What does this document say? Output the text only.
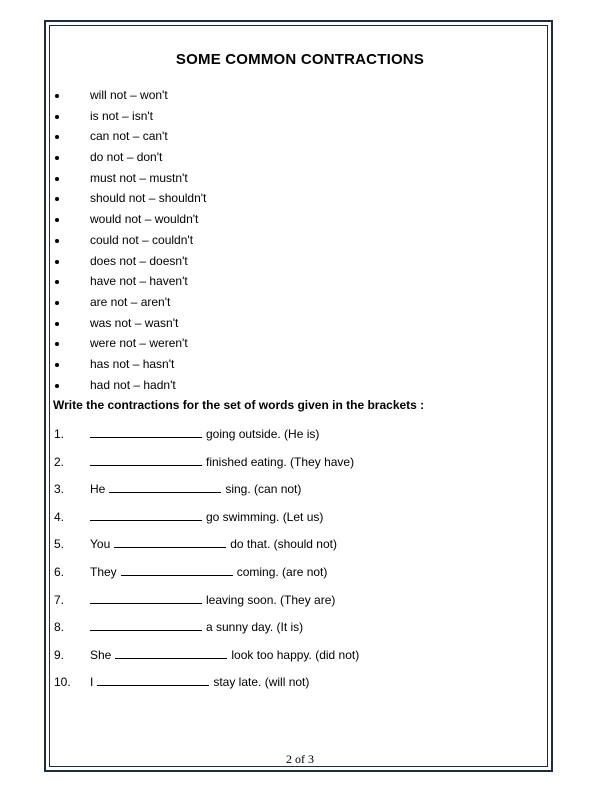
SOME COMMON CONTRACTIONS
will not – won't
is not – isn't
can not – can't
do not – don't
must not – mustn't
should not – shouldn't
would not – wouldn't
could not – couldn't
does not – doesn't
have not – haven't
are not – aren't
was not – wasn't
were not – weren't
has not – hasn't
had not – hadn't
Write the contractions for the set of words given in the brackets :
1.	going outside. (He is)
2.	finished eating. (They have)
3. He	sing. (can not)
4.	go swimming. (Let us)
5. You	do that. (should not)
6. They	coming. (are not)
7.	leaving soon. (They are)
8.	a sunny day. (It is)
9. She	look too happy. (did not)
10. I	stay late. (will not)
2 of 3
